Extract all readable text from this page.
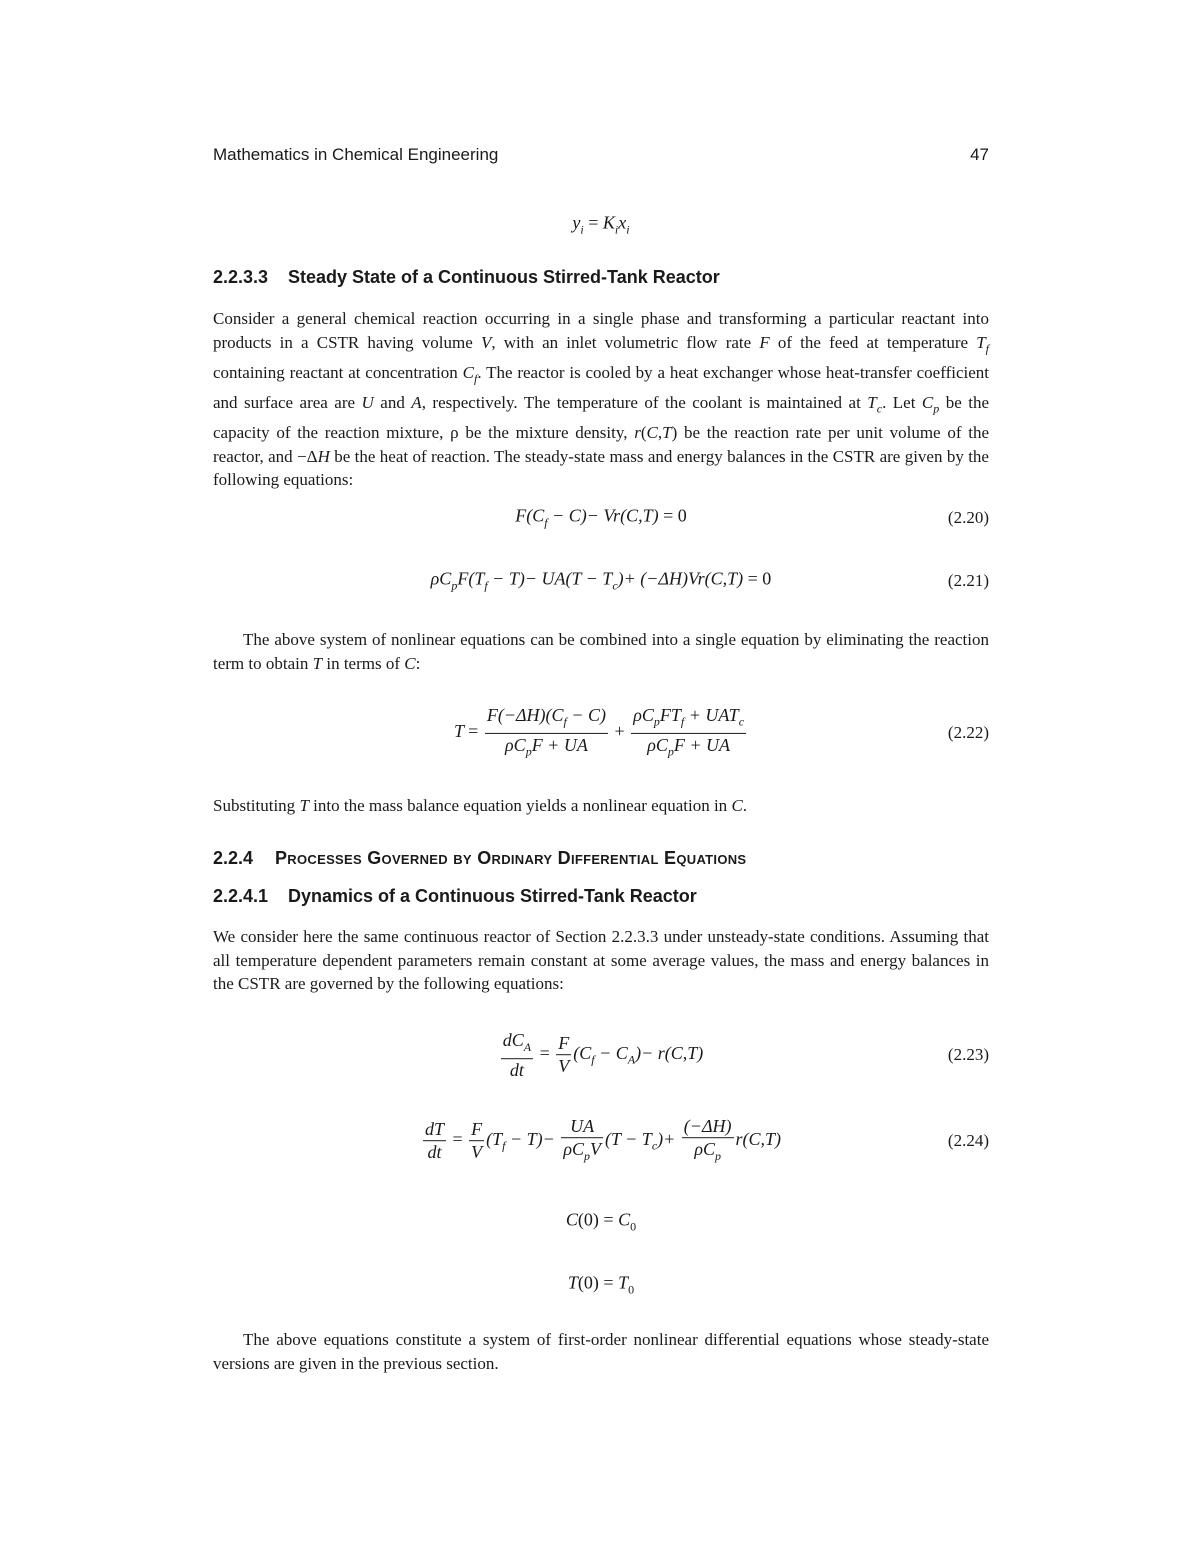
Mathematics in Chemical Engineering	47
$y_i = K_ix_i$
2.2.3.3 Steady State of a Continuous Stirred-Tank Reactor
Consider a general chemical reaction occurring in a single phase and transforming a particular reactant into products in a CSTR having volume V, with an inlet volumetric flow rate F of the feed at temperature $T_f$ containing reactant at concentration $C_f$. The reactor is cooled by a heat exchanger whose heat-transfer coefficient and surface area are U and A, respectively. The temperature of the coolant is maintained at $T_c$. Let $C_p$ be the capacity of the reaction mixture, ρ be the mixture density, r(C,T) be the reaction rate per unit volume of the reactor, and −ΔH be the heat of reaction. The steady-state mass and energy balances in the CSTR are given by the following equations:
$F(C_f - C)- Vr(C,T) = 0$	(2.20)
$\rho C_pF(T_f - T)- UA(T - T_c)+ (-\Delta H)Vr(C,T) = 0$	(2.21)
The above system of nonlinear equations can be combined into a single equation by eliminating the reaction term to obtain T in terms of C:
$T = \frac{F(-\Delta H)(C_f - C)}{\rho C_pF + UA} + \frac{\rho C_pFT_f + UAT_c}{\rho C_pF + UA}$	(2.22)
Substituting T into the mass balance equation yields a nonlinear equation in C.
2.2.4 Processes Governed by Ordinary Differential Equations
2.2.4.1 Dynamics of a Continuous Stirred-Tank Reactor
We consider here the same continuous reactor of Section 2.2.3.3 under unsteady-state conditions. Assuming that all temperature dependent parameters remain constant at some average values, the mass and energy balances in the CSTR are governed by the following equations:
$\frac{dC_A}{dt} = \frac{F}{V} (C_f - C_A)- r(C,T)$	(2.23)
$\frac{dT}{dt} = \frac{F}{V} (T_f - T)- \frac{UA}{\rho C_pV} (T - T_c)+ \frac{(-\Delta H)}{\rho C_p} r(C,T)$	(2.24)
$C(0) = C_0$
$T(0) = T_0$
The above equations constitute a system of first-order nonlinear differential equations whose steady-state versions are given in the previous section.
